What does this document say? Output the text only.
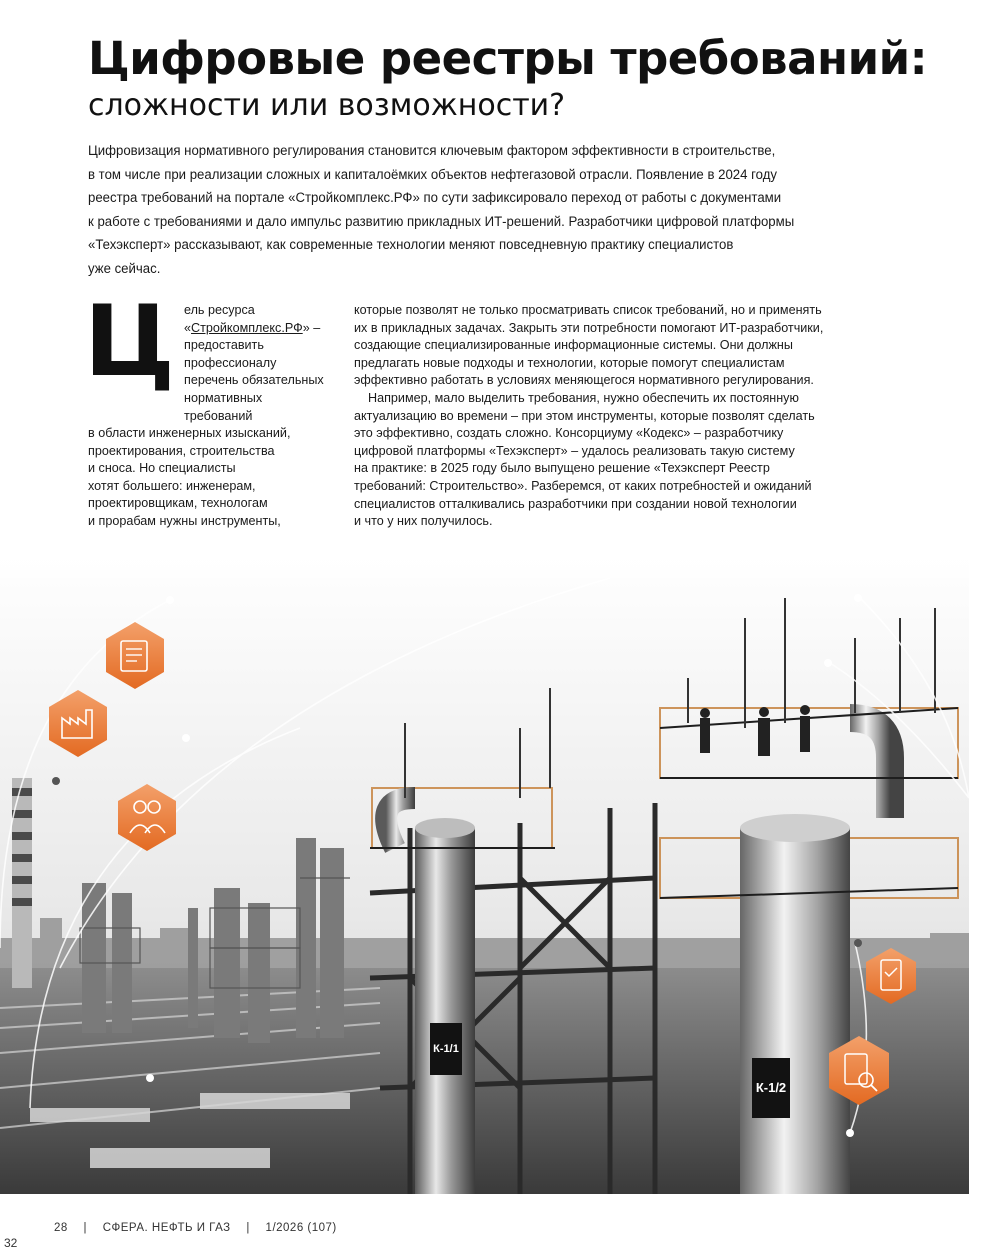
Цифровые реестры требований:
сложности или возможности?
Цифровизация нормативного регулирования становится ключевым фактором эффективности в строительстве,
в том числе при реализации сложных и капиталоёмких объектов нефтегазовой отрасли. Появление в 2024 году
реестра требований на портале «Стройкомплекс.РФ» по сути зафиксировало переход от работы с документами
к работе с требованиями и дало импульс развитию прикладных ИТ-решений. Разработчики цифровой платформы
«Техэксперт» рассказывают, как современные технологии меняют повседневную практику специалистов
уже сейчас.
Ц ель ресурса
«Стройкомплекс.РФ» –
предоставить
профессионалу
перечень обязательных
нормативных
требований
в области инженерных изысканий,
проектирования, строительства
и сноса. Но специалисты
хотят большего: инженерам,
проектировщикам, технологам
и прорабам нужны инструменты,
которые позволят не только просматривать список требований, но и применять
их в прикладных задачах. Закрыть эти потребности помогают ИТ-разработчики,
создающие специализированные информационные системы. Они должны
предлагать новые подходы и технологии, которые помогут специалистам
эффективно работать в условиях меняющегося нормативного регулирования.
Например, мало выделить требования, нужно обеспечить их постоянную
актуализацию во времени – при этом инструменты, которые позволят сделать
это эффективно, создать сложно. Консорциуму «Кодекс» – разработчику
цифровой платформы «Техэксперт» – удалось реализовать такую систему
на практике: в 2025 году было выпущено решение «Техэксперт Реестр
требований: Строительство». Разберемся, от каких потребностей и ожиданий
специалистов отталкивались разработчики при создании новой технологии
и что у них получилось.
К-1/1
К-1/2
28 | СФЕРА. НЕФТЬ И ГАЗ | 1/2026 (107)
32
